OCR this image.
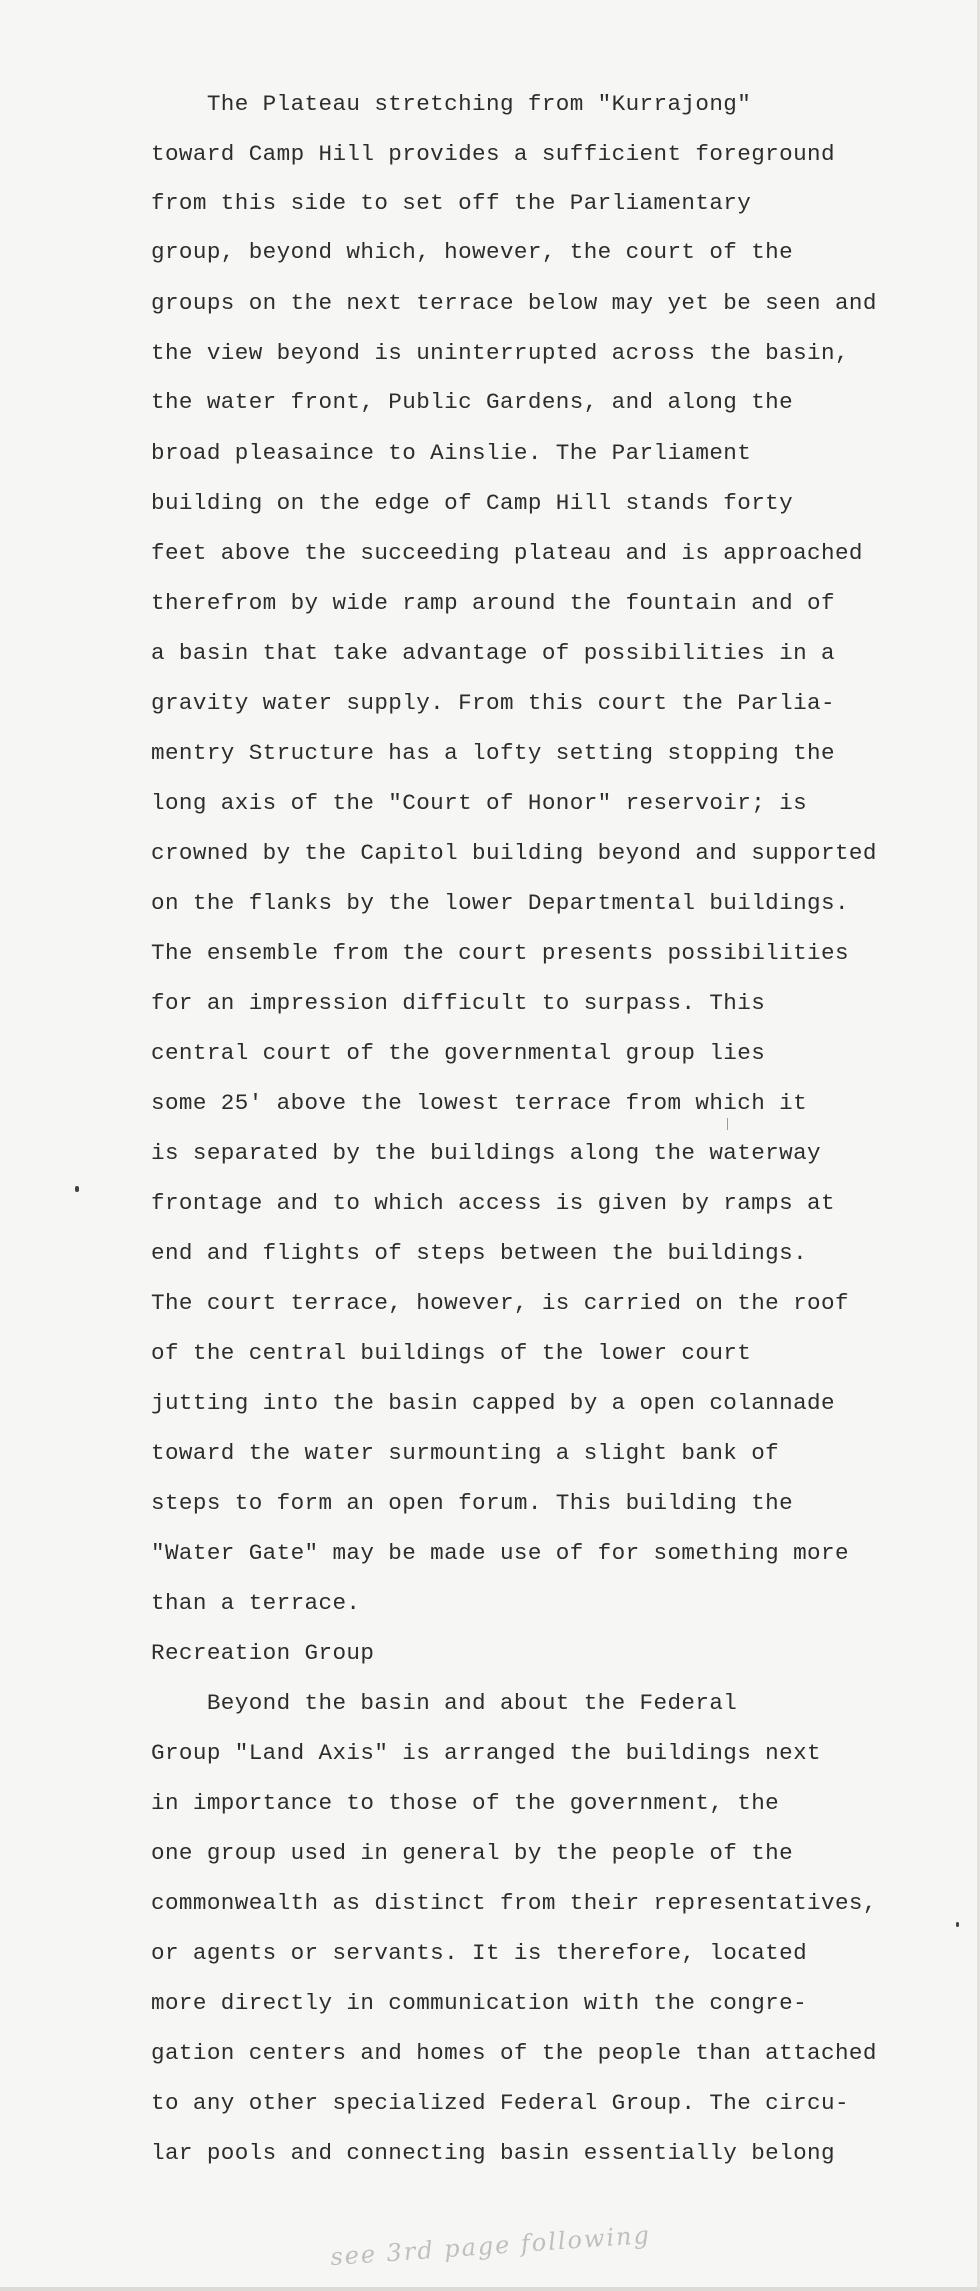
The Plateau stretching from "Kurrajong"
toward Camp Hill provides a sufficient foreground
from this side to set off the Parliamentary
group, beyond which, however, the court of the
groups on the next terrace below may yet be seen and
the view beyond is uninterrupted across the basin,
the water front, Public Gardens, and along the
broad pleasaince to Ainslie. The Parliament
building on the edge of Camp Hill stands forty
feet above the succeeding plateau and is approached
therefrom by wide ramp around the fountain and of
a basin that take advantage of possibilities in a
gravity water supply. From this court the Parlia-
mentry Structure has a lofty setting stopping the
long axis of the "Court of Honor" reservoir; is
crowned by the Capitol building beyond and supported
on the flanks by the lower Departmental buildings.
The ensemble from the court presents possibilities
for an impression difficult to surpass. This
central court of the governmental group lies
some 25' above the lowest terrace from which it
is separated by the buildings along the waterway
frontage and to which access is given by ramps at
end and flights of steps between the buildings.
The court terrace, however, is carried on the roof
of the central buildings of the lower court
jutting into the basin capped by a open colannade
toward the water surmounting a slight bank of
steps to form an open forum. This building the
"Water Gate" may be made use of for something more
than a terrace.
Recreation Group
Beyond the basin and about the Federal
Group "Land Axis" is arranged the buildings next
in importance to those of the government, the
one group used in general by the people of the
commonwealth as distinct from their representatives,
or agents or servants. It is therefore, located
more directly in communication with the congre-
gation centers and homes of the people than attached
to any other specialized Federal Group. The circu-
lar pools and connecting basin essentially belong
see 3rd page following
